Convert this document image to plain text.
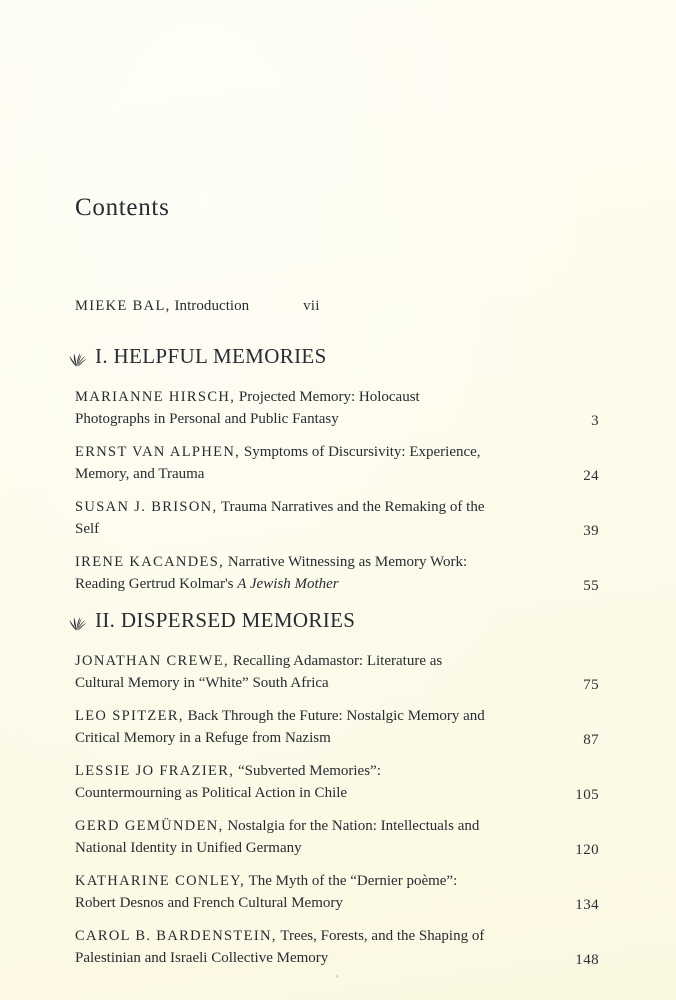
Contents
MIEKE BAL, Introduction	vii
I. HELPFUL MEMORIES
MARIANNE HIRSCH, Projected Memory: Holocaust Photographs in Personal and Public Fantasy	3
ERNST VAN ALPHEN, Symptoms of Discursivity: Experience, Memory, and Trauma	24
SUSAN J. BRISON, Trauma Narratives and the Remaking of the Self	39
IRENE KACANDES, Narrative Witnessing as Memory Work: Reading Gertrud Kolmar's A Jewish Mother	55
II. DISPERSED MEMORIES
JONATHAN CREWE, Recalling Adamastor: Literature as Cultural Memory in “White” South Africa	75
LEO SPITZER, Back Through the Future: Nostalgic Memory and Critical Memory in a Refuge from Nazism	87
LESSIE JO FRAZIER, “Subverted Memories”: Countermourning as Political Action in Chile	105
GERD GEMÜNDEN, Nostalgia for the Nation: Intellectuals and National Identity in Unified Germany	120
KATHARINE CONLEY, The Myth of the “Dernier poème”: Robert Desnos and French Cultural Memory	134
CAROL B. BARDENSTEIN, Trees, Forests, and the Shaping of Palestinian and Israeli Collective Memory	148
